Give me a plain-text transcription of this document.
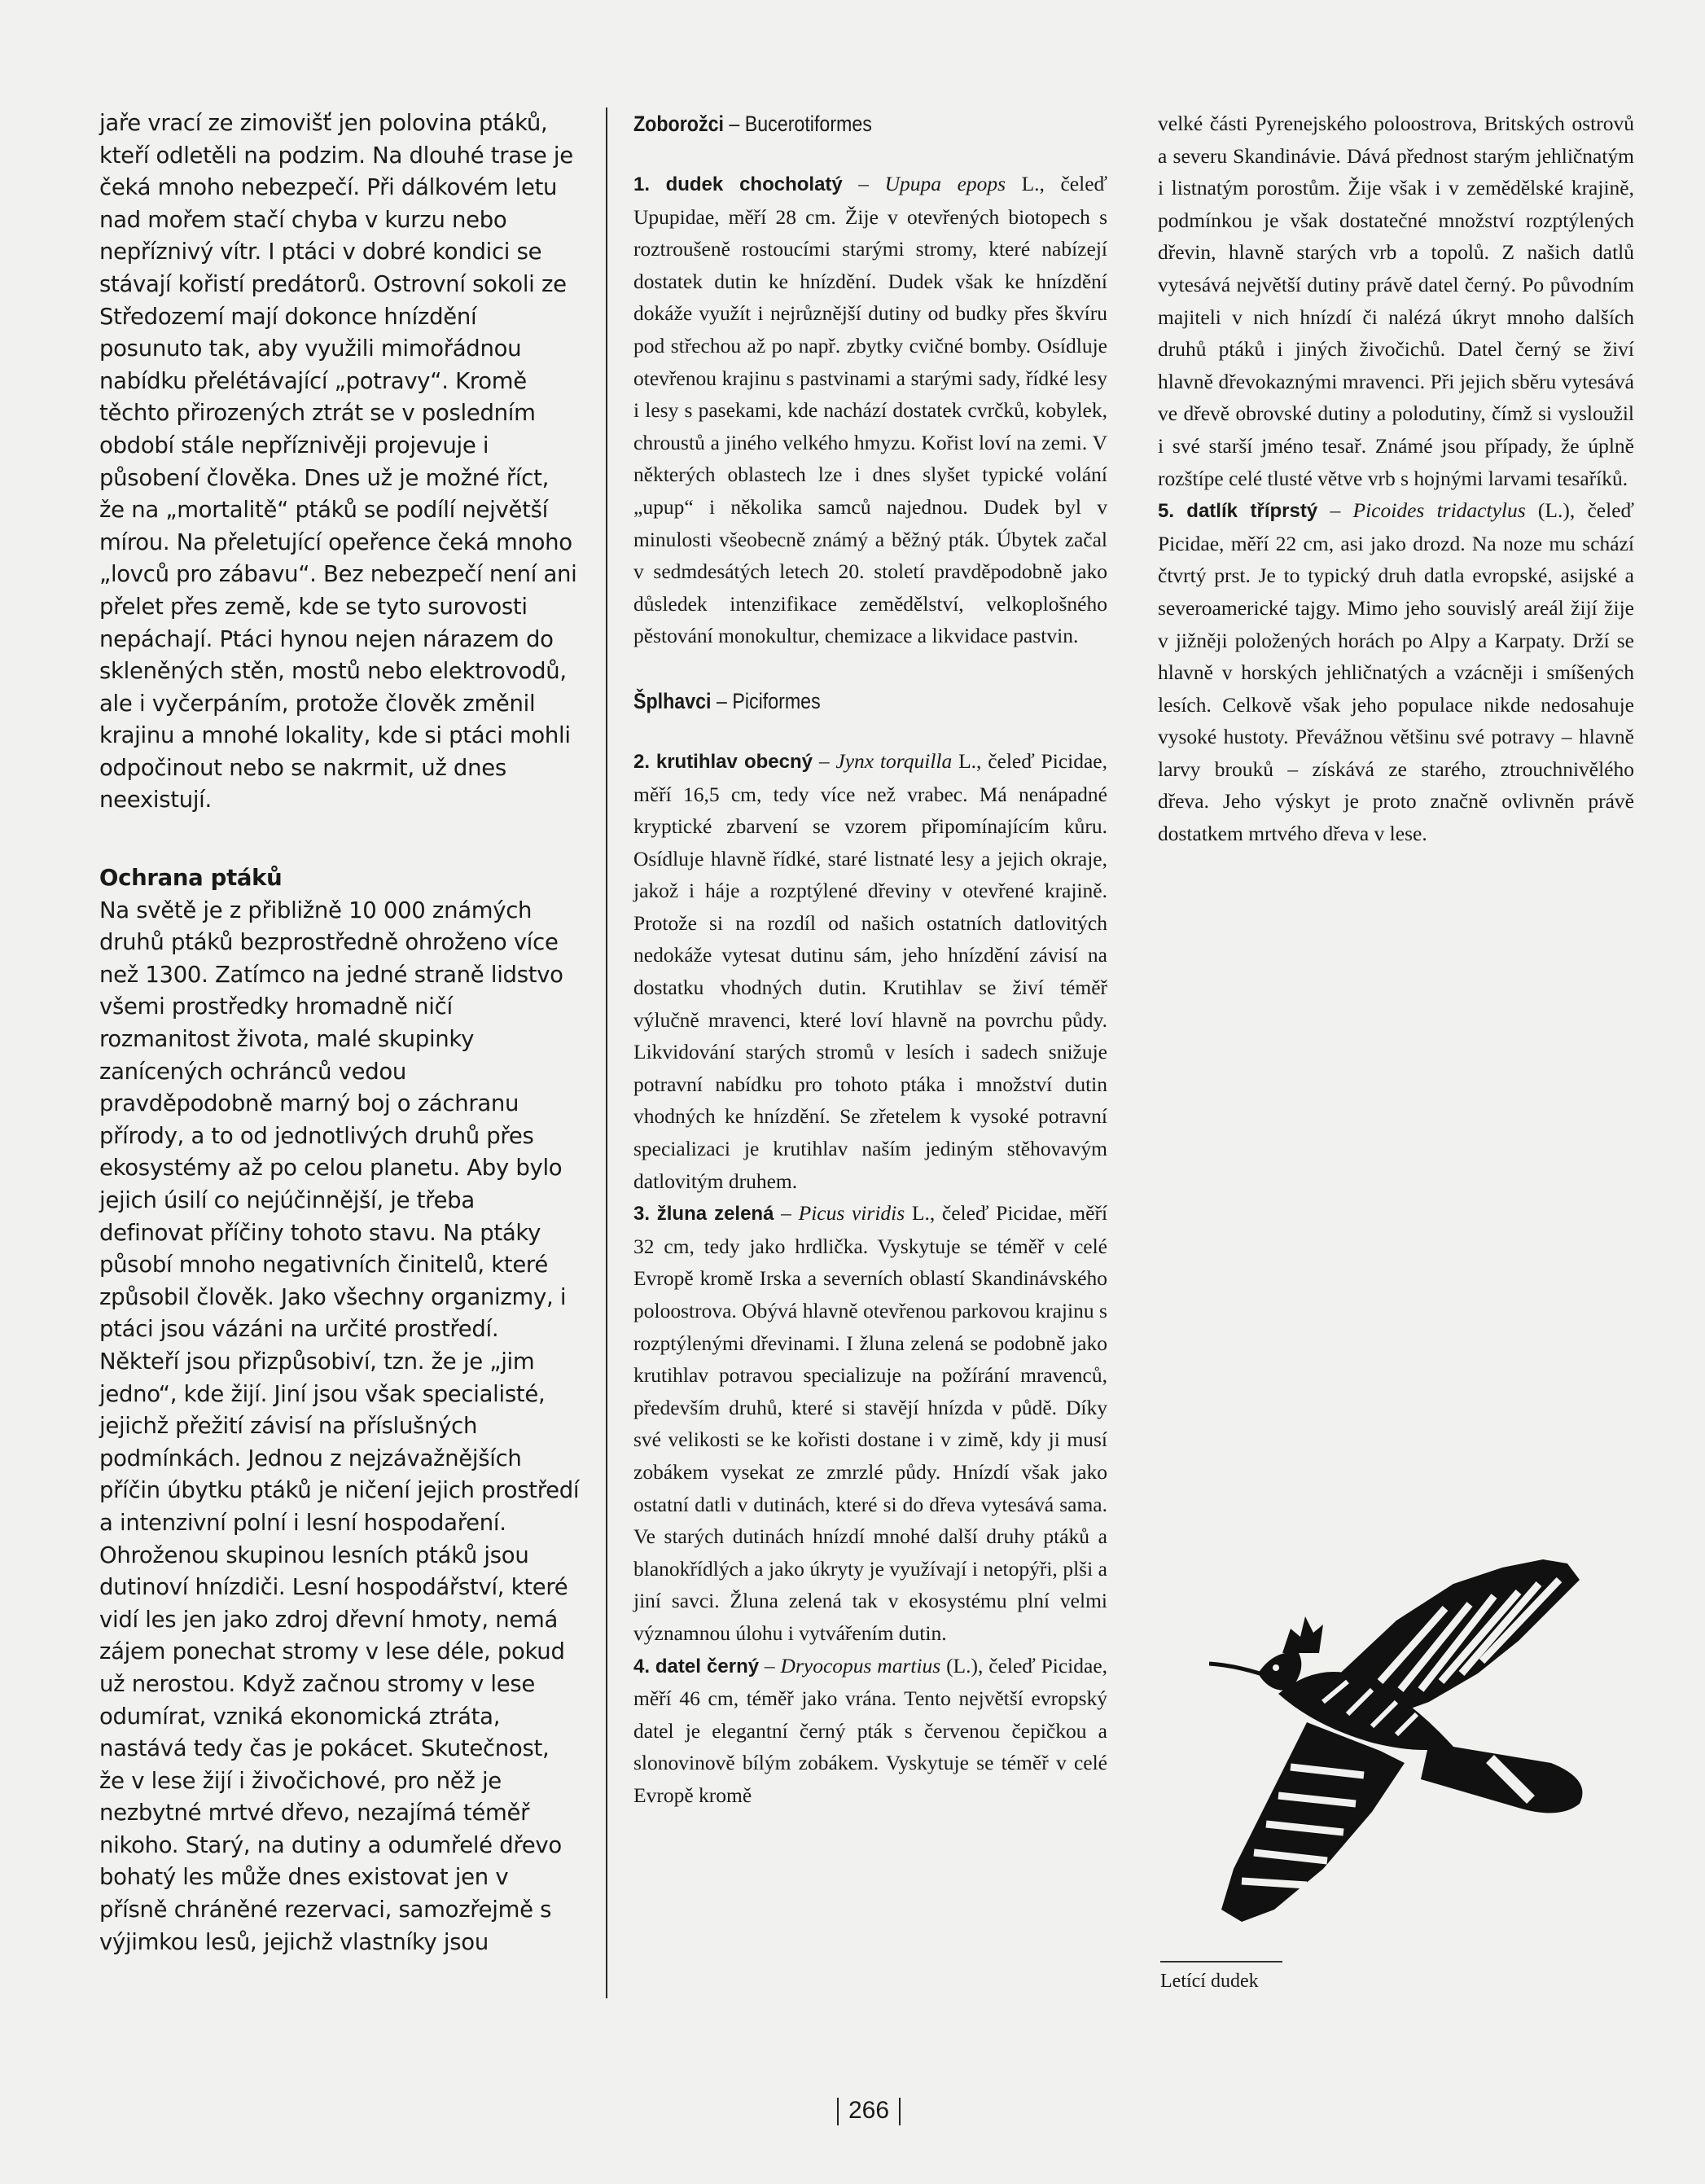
jaře vrací ze zimovišť jen polovina ptáků, kteří odletěli na podzim. Na dlouhé trase je čeká mnoho nebezpečí. Při dálkovém letu nad mořem stačí chyba v kurzu nebo nepříznivý vítr. I ptáci v dobré kondici se stávají kořistí predátorů. Ostrovní sokoli ze Středozemí mají dokonce hnízdění posunuto tak, aby využili mimořádnou nabídku přelétávající „potravy“. Kromě těchto přirozených ztrát se v posledním období stále nepříznivěji projevuje i působení člověka. Dnes už je možné říct, že na „mortalitě“ ptáků se podílí největší mírou. Na přeletující opeřence čeká mnoho „lovců pro zábavu“. Bez nebezpečí není ani přelet přes země, kde se tyto surovosti nepáchají. Ptáci hynou nejen nárazem do skleněných stěn, mostů nebo elektrovodů, ale i vyčerpáním, protože člověk změnil krajinu a mnohé lokality, kde si ptáci mohli odpočinout nebo se nakrmit, už dnes neexistují.

Ochrana ptáků

Na světě je z přibližně 10 000 známých druhů ptáků bezprostředně ohroženo více než 1300. Zatímco na jedné straně lidstvo všemi prostředky hromadně ničí rozmanitost života, malé skupinky zanícených ochránců vedou pravděpodobně marný boj o záchranu přírody, a to od jednotlivých druhů přes ekosystémy až po celou planetu. Aby bylo jejich úsilí co nejúčinnější, je třeba definovat příčiny tohoto stavu. Na ptáky působí mnoho negativních činitelů, které způsobil člověk. Jako všechny organizmy, i ptáci jsou vázáni na určité prostředí. Někteří jsou přizpůsobiví, tzn. že je „jim jedno“, kde žijí. Jiní jsou však specialisté, jejichž přežití závisí na příslušných podmínkách. Jednou z nejzávažnějších příčin úbytku ptáků je ničení jejich prostředí a intenzivní polní i lesní hospodaření. Ohroženou skupinou lesních ptáků jsou dutinoví hnízdiči. Lesní hospodářství, které vidí les jen jako zdroj dřevní hmoty, nemá zájem ponechat stromy v lese déle, pokud už nerostou. Když začnou stromy v lese odumírat, vzniká ekonomická ztráta, nastává tedy čas je pokácet. Skutečnost, že v lese žijí i živočichové, pro něž je nezbytné mrtvé dřevo, nezajímá téměř nikoho. Starý, na dutiny a odumřelé dřevo bohatý les může dnes existovat jen v přísně chráněné rezervaci, samozřejmě s výjimkou lesů, jejichž vlastníky jsou

Zoborožci – Bucerotiformes

1. dudek chocholatý – Upupa epops L., čeleď Upupidae, měří 28 cm. Žije v otevřených biotopech s roztroušeně rostoucími starými stromy, které nabízejí dostatek dutin ke hnízdění. Dudek však ke hnízdění dokáže využít i nejrůznější dutiny od budky přes škvíru pod střechou až po např. zbytky cvičné bomby. Osídluje otevřenou krajinu s pastvinami a starými sady, řídké lesy i lesy s pasekami, kde nachází dostatek cvrčků, kobylek, chroustů a jiného velkého hmyzu. Kořist loví na zemi. V některých oblastech lze i dnes slyšet typické volání „upup“ i několika samců najednou. Dudek byl v minulosti všeobecně známý a běžný pták. Úbytek začal v sedmdesátých letech 20. století pravděpodobně jako důsledek intenzifikace zemědělství, velkoplošného pěstování monokultur, chemizace a likvidace pastvin.

Šplhavci – Piciformes

2. krutihlav obecný – Jynx torquilla L., čeleď Picidae, měří 16,5 cm, tedy více než vrabec. Má nenápadné kryptické zbarvení se vzorem připomínajícím kůru. Osídluje hlavně řídké, staré listnaté lesy a jejich okraje, jakož i háje a rozptýlené dřeviny v otevřené krajině. Protože si na rozdíl od našich ostatních datlovitých nedokáže vytesat dutinu sám, jeho hnízdění závisí na dostatku vhodných dutin. Krutihlav se živí téměř výlučně mravenci, které loví hlavně na povrchu půdy. Likvidování starých stromů v lesích i sadech snižuje potravní nabídku pro tohoto ptáka i množství dutin vhodných ke hnízdění. Se zřetelem k vysoké potravní specializaci je krutihlav naším jediným stěhovavým datlovitým druhem.

3. žluna zelená – Picus viridis L., čeleď Picidae, měří 32 cm, tedy jako hrdlička. Vyskytuje se téměř v celé Evropě kromě Irska a severních oblastí Skandinávského poloostrova. Obývá hlavně otevřenou parkovou krajinu s rozptýlenými dřevinami. I žluna zelená se podobně jako krutihlav potravou specializuje na požírání mravenců, především druhů, které si stavějí hnízda v půdě. Díky své velikosti se ke kořisti dostane i v zimě, kdy ji musí zobákem vysekat ze zmrzlé půdy. Hnízdí však jako ostatní datli v dutinách, které si do dřeva vytesává sama. Ve starých dutinách hnízdí mnohé další druhy ptáků a blanokřídlých a jako úkryty je využívají i netopýři, plši a jiní savci. Žluna zelená tak v ekosystému plní velmi významnou úlohu i vytvářením dutin.

4. datel černý – Dryocopus martius (L.), čeleď Picidae, měří 46 cm, téměř jako vrána. Tento největší evropský datel je elegantní černý pták s červenou čepičkou a slonovinově bílým zobákem. Vyskytuje se téměř v celé Evropě kromě

velké části Pyrenejského poloostrova, Britských ostrovů a severu Skandinávie. Dává přednost starým jehličnatým i listnatým porostům. Žije však i v zemědělské krajině, podmínkou je však dostatečné množství rozptýlených dřevin, hlavně starých vrb a topolů. Z našich datlů vytesává největší dutiny právě datel černý. Po původním majiteli v nich hnízdí či nalézá úkryt mnoho dalších druhů ptáků i jiných živočichů. Datel černý se živí hlavně dřevokaznými mravenci. Při jejich sběru vytesává ve dřevě obrovské dutiny a polodutiny, čímž si vysloužil i své starší jméno tesař. Známé jsou případy, že úplně rozštípe celé tlusté větve vrb s hojnými larvami tesaříků.

5. datlík tříprstý – Picoides tridactylus (L.), čeleď Picidae, měří 22 cm, asi jako drozd. Na noze mu schází čtvrtý prst. Je to typický druh datla evropské, asijské a severoamerické tajgy. Mimo jeho souvislý areál žijí žije v jižněji položených horách po Alpy a Karpaty. Drží se hlavně v horských jehličnatých a vzácněji i smíšených lesích. Celkově však jeho populace nikde nedosahuje vysoké hustoty. Převážnou většinu své potravy – hlavně larvy brouků – získává ze starého, ztrouchnivělého dřeva. Jeho výskyt je proto značně ovlivněn právě dostatkem mrtvého dřeva v lese.

Letící dudek
266
